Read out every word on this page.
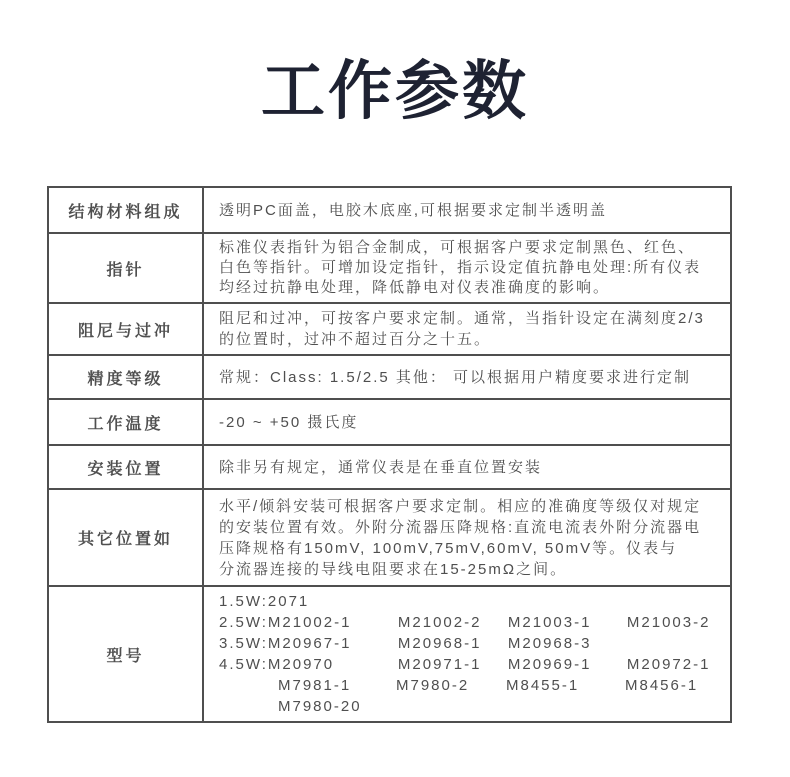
工作参数
结构材料组成	透明PC面盖，电胶木底座,可根据要求定制半透明盖

指针	标准仪表指针为铝合金制成，可根据客户要求定制黑色、红色、
白色等指针。可增加设定指针，指示设定值抗静电处理:所有仪表
均经过抗静电处理，降低静电对仪表准确度的影响。

阻尼与过冲	阻尼和过冲，可按客户要求定制。通常，当指针设定在满刻度2/3
的位置时，过冲不超过百分之十五。

精度等级	常规：Class: 1.5/2.5 其他： 可以根据用户精度要求进行定制

工作温度	-20 ~ +50 摄氏度

安装位置	除非另有规定，通常仪表是在垂直位置安装

其它位置如	水平/倾斜安装可根据客户要求定制。相应的准确度等级仅对规定
的安装位置有效。外附分流器压降规格:直流电流表外附分流器电
压降规格有150mV, 100mV,75mV,60mV, 50mV等。仪表与
分流器连接的导线电阻要求在15-25mΩ之间。

型号	
1.5W: 2071
2.5W: M21002-1	M21002-2	M21003-1	M21003-2
3.5W: M20967-1	M20968-1	M20968-3
4.5W: M20970	M20971-1	M20969-1	M20972-1
M7981-1	M7980-2	M8455-1	M8456-1
M7980-20
